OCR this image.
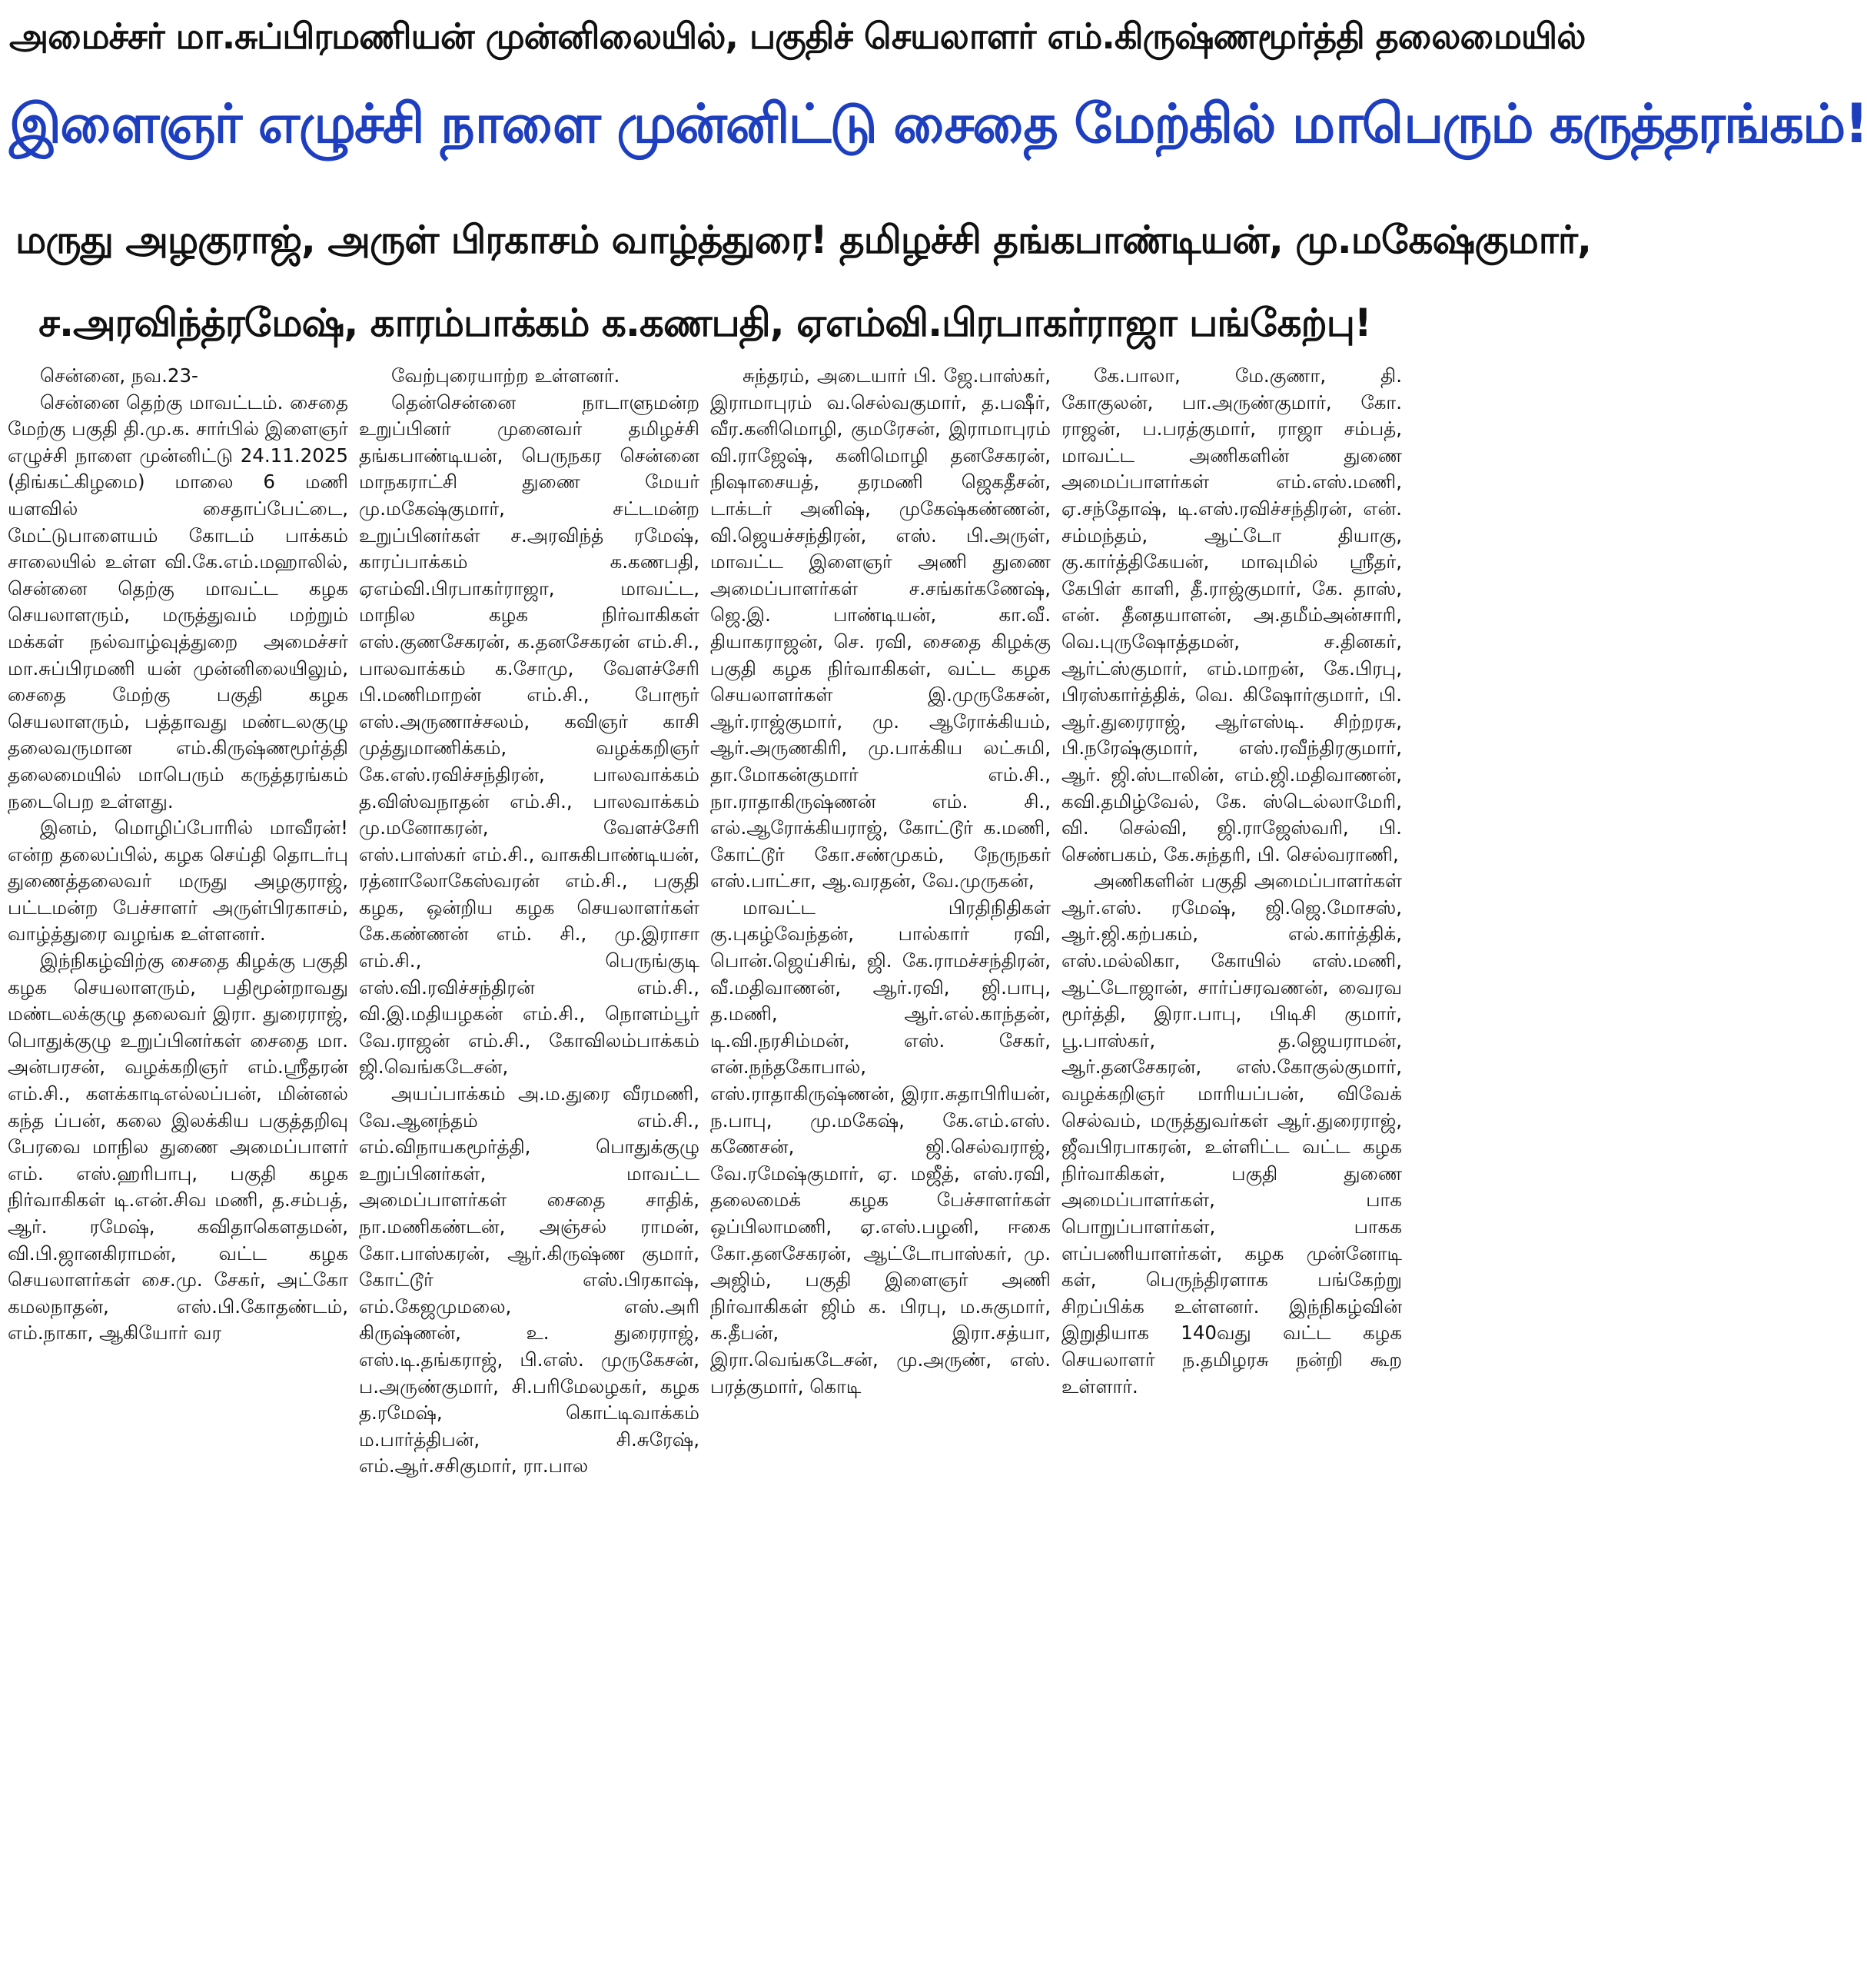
அமைச்சர் மா.சுப்பிரமணியன் முன்னிலையில், பகுதிச் செயலாளர் எம்.கிருஷ்ணமூர்த்தி தலைமையில்
இளைஞர் எழுச்சி நாளை முன்னிட்டு சைதை மேற்கில் மாபெரும் கருத்தரங்கம்!
மருது அழகுராஜ், அருள் பிரகாசம் வாழ்த்துரை! தமிழச்சி தங்கபாண்டியன், மு.மகேஷ்குமார்,
ச.அரவிந்த்ரமேஷ், காரம்பாக்கம் க.கணபதி, ஏஎம்வி.பிரபாகர்ராஜா பங்கேற்பு!

சென்னை, நவ.23-

சென்னை தெற்கு மாவட்டம். சைதை மேற்கு பகுதி தி.மு.க. சார்பில் இளைஞர் எழுச்சி நாளை முன்னிட்டு 24.11.2025 (திங்கட்கிழமை) மாலை 6 மணி யளவில் சைதாப்பேட்டை, மேட்டுபாளையம் கோடம் பாக்கம் சாலையில் உள்ள வி.கே.எம்.மஹாலில், சென்னை தெற்கு மாவட்ட கழக செயலாளரும், மருத்துவம் மற்றும் மக்கள் நல்வாழ்வுத்துறை அமைச்சர் மா.சுப்பிரமணி யன் முன்னிலையிலும், சைதை மேற்கு பகுதி கழக செயலாளரும், பத்தாவது மண்டலகுழு தலைவருமான எம்.கிருஷ்ணமூர்த்தி தலைமையில் மாபெரும் கருத்தரங்கம் நடைபெற உள்ளது.

இனம், மொழிப்போரில் மாவீரன்! என்ற தலைப்பில், கழக செய்தி தொடர்பு துணைத்தலைவர் மருது அழகுராஜ், பட்டமன்ற பேச்சாளர் அருள்பிரகாசம், வாழ்த்துரை வழங்க உள்ளனர்.

இந்நிகழ்விற்கு சைதை கிழக்கு பகுதி கழக செயலாளரும், பதிமூன்றாவது மண்டலக்குழு தலைவர் இரா. துரைராஜ், பொதுக்குழு உறுப்பினர்கள் சைதை மா. அன்பரசன், வழக்கறிஞர் எம்.ஸ்ரீதரன் எம்.சி., களக்காடிஎல்லப்பன், மின்னல் கந்த ப்பன், கலை இலக்கிய பகுத்தறிவு பேரவை மாநில துணை அமைப்பாளர் எம். எஸ்.ஹரிபாபு, பகுதி கழக நிர்வாகிகள் டி.என்.சிவ மணி, த.சம்பத், ஆர். ரமேஷ், கவிதாகௌதமன், வி.பி.ஜானகிராமன், வட்ட கழக செயலாளர்கள் சை.மு. சேகர், அட்கோ கமலநாதன், எஸ்.பி.கோதண்டம், எம்.நாகா, ஆகியோர் வர

வேற்புரையாற்ற உள்ளனர்.

தென்சென்னை நாடாளுமன்ற உறுப்பினர் முனைவர் தமிழச்சி தங்கபாண்டியன், பெருநகர சென்னை மாநகராட்சி துணை மேயர் மு.மகேஷ்குமார், சட்டமன்ற உறுப்பினர்கள் ச.அரவிந்த் ரமேஷ், காரப்பாக்கம் க.கணபதி, ஏஎம்வி.பிரபாகர்ராஜா, மாவட்ட, மாநில கழக நிர்வாகிகள் எஸ்.குணசேகரன், க.தனசேகரன் எம்.சி., பாலவாக்கம் க.சோமு, வேளச்சேரி பி.மணிமாறன் எம்.சி., போரூர் எஸ்.அருணாச்சலம், கவிஞர் காசி முத்துமாணிக்கம், வழக்கறிஞர் கே.எஸ்.ரவிச்சந்திரன், பாலவாக்கம் த.விஸ்வநாதன் எம்.சி., பாலவாக்கம் மு.மனோகரன், வேளச்சேரி எஸ்.பாஸ்கர் எம்.சி., வாசுகிபாண்டியன், ரத்னாலோகேஸ்வரன் எம்.சி., பகுதி கழக, ஒன்றிய கழக செயலாளர்கள் கே.கண்ணன் எம். சி., மு.இராசா எம்.சி., பெருங்குடி எஸ்.வி.ரவிச்சந்திரன் எம்.சி., வி.இ.மதியழகன் எம்.சி., நொளம்பூர் வே.ராஜன் எம்.சி., கோவிலம்பாக்கம் ஜி.வெங்கடேசன்,

அயப்பாக்கம் அ.ம.துரை வீரமணி, வே.ஆனந்தம் எம்.சி., எம்.விநாயகமூர்த்தி, பொதுக்குழு உறுப்பினர்கள், மாவட்ட அமைப்பாளர்கள் சைதை சாதிக், நா.மணிகண்டன், அஞ்சல் ராமன், கோ.பாஸ்கரன், ஆர்.கிருஷ்ண குமார், கோட்டூர் எஸ்.பிரகாஷ், எம்.கேஜமுமலை, எஸ்.அரி கிருஷ்ணன், உ. துரைராஜ், எஸ்.டி.தங்கராஜ், பி.எஸ். முருகேசன், ப.அருண்குமார், சி.பரிமேலழகர், கழக த.ரமேஷ், கொட்டிவாக்கம் ம.பார்த்திபன், சி.சுரேஷ், எம்.ஆர்.சசிகுமார், ரா.பால

சுந்தரம், அடையார் பி. ஜே.பாஸ்கர், இராமாபுரம் வ.செல்வகுமார், த.பஷீர், வீர.கனிமொழி, குமரேசன், இராமாபுரம் வி.ராஜேஷ், கனிமொழி தனசேகரன், நிஷாசையத், தரமணி ஜெகதீசன், டாக்டர் அனிஷ், முகேஷ்கண்ணன், வி.ஜெயச்சந்திரன், எஸ். பி.அருள், மாவட்ட இளைஞர் அணி துணை அமைப்பாளர்கள் ச.சங்கர்கணேஷ், ஜெ.இ. பாண்டியன், கா.வீ. தியாகராஜன், செ. ரவி, சைதை கிழக்கு பகுதி கழக நிர்வாகிகள், வட்ட கழக செயலாளர்கள் இ.முருகேசன், ஆர்.ராஜ்குமார், மு. ஆரோக்கியம், ஆர்.அருணகிரி, மு.பாக்கிய லட்சுமி, தா.மோகன்குமார் எம்.சி., நா.ராதாகிருஷ்ணன் எம். சி., எல்.ஆரோக்கியராஜ், கோட்டூர் க.மணி, கோட்டூர் கோ.சண்முகம், நேருநகர் எஸ்.பாட்சா, ஆ.வரதன், வே.முருகன்,

மாவட்ட பிரதிநிதிகள் கு.புகழ்வேந்தன், பால்கார் ரவி, பொன்.ஜெய்சிங், ஜி. கே.ராமச்சந்திரன், வீ.மதிவாணன், ஆர்.ரவி, ஜி.பாபு, த.மணி, ஆர்.எல்.காந்தன், டி.வி.நரசிம்மன், எஸ். சேகர், என்.நந்தகோபால், எஸ்.ராதாகிருஷ்ணன், இரா.சுதாபிரியன், ந.பாபு, மு.மகேஷ், கே.எம்.எஸ். கணேசன், ஜி.செல்வராஜ், வே.ரமேஷ்குமார், ஏ. மஜீத், எஸ்.ரவி, தலைமைக் கழக பேச்சாளர்கள் ஒப்பிலாமணி, ஏ.எஸ்.பழனி, ஈகை கோ.தனசேகரன், ஆட்டோபாஸ்கர், மு. அஜிம், பகுதி இளைஞர் அணி நிர்வாகிகள் ஜிம் க. பிரபு, ம.சுகுமார், க.தீபன், இரா.சத்யா, இரா.வெங்கடேசன், மு.அருண், எஸ். பரத்குமார், கொடி

கே.பாலா, மே.குணா, தி. கோகுலன், பா.அருண்குமார், கோ. ராஜன், ப.பரத்குமார், ராஜா சம்பத், மாவட்ட அணிகளின் துணை அமைப்பாளர்கள் எம்.எஸ்.மணி, ஏ.சந்தோஷ், டி.எஸ்.ரவிச்சந்திரன், என். சம்மந்தம், ஆட்டோ தியாகு, கு.கார்த்திகேயன், மாவுமில் ஸ்ரீதர், கேபிள் காளி, தீ.ராஜ்குமார், கே. தாஸ், என். தீனதயாளன், அ.தமீம்அன்சாரி, வெ.புருஷோத்தமன், ச.தினகர், ஆர்ட்ஸ்குமார், எம்.மாறன், கே.பிரபு, பிரஸ்கார்த்திக், வெ. கிஷோர்குமார், பி. ஆர்.துரைராஜ், ஆர்எஸ்டி. சிற்றரசு, பி.நரேஷ்குமார், எஸ்.ரவீந்திரகுமார், ஆர். ஜி.ஸ்டாலின், எம்.ஜி.மதிவாணன், கவி.தமிழ்வேல், கே. ஸ்டெல்லாமேரி, வி. செல்வி, ஜி.ராஜேஸ்வரி, பி. செண்பகம், கே.சுந்தரி, பி. செல்வராணி,

அணிகளின் பகுதி அமைப்பாளர்கள் ஆர்.எஸ். ரமேஷ், ஜி.ஜெ.மோசஸ், ஆர்.ஜி.கற்பகம், எல்.கார்த்திக், எஸ்.மல்லிகா, கோயில் எஸ்.மணி, ஆட்டோஜான், சார்ப்சரவணன், வைரவ மூர்த்தி, இரா.பாபு, பிடிசி குமார், பூ.பாஸ்கர், த.ஜெயராமன், ஆர்.தனசேகரன், எஸ்.கோகுல்குமார், வழக்கறிஞர் மாரியப்பன், விவேக் செல்வம், மருத்துவர்கள் ஆர்.துரைராஜ், ஜீவபிரபாகரன், உள்ளிட்ட வட்ட கழக நிர்வாகிகள், பகுதி துணை அமைப்பாளர்கள், பாக பொறுப்பாளர்கள், பாகக ளப்பணியாளர்கள், கழக முன்னோடி கள், பெருந்திரளாக பங்கேற்று சிறப்பிக்க உள்ளனர். இந்நிகழ்வின் இறுதியாக 140வது வட்ட கழக செயலாளர் ந.தமிழரசு நன்றி கூற உள்ளார்.
